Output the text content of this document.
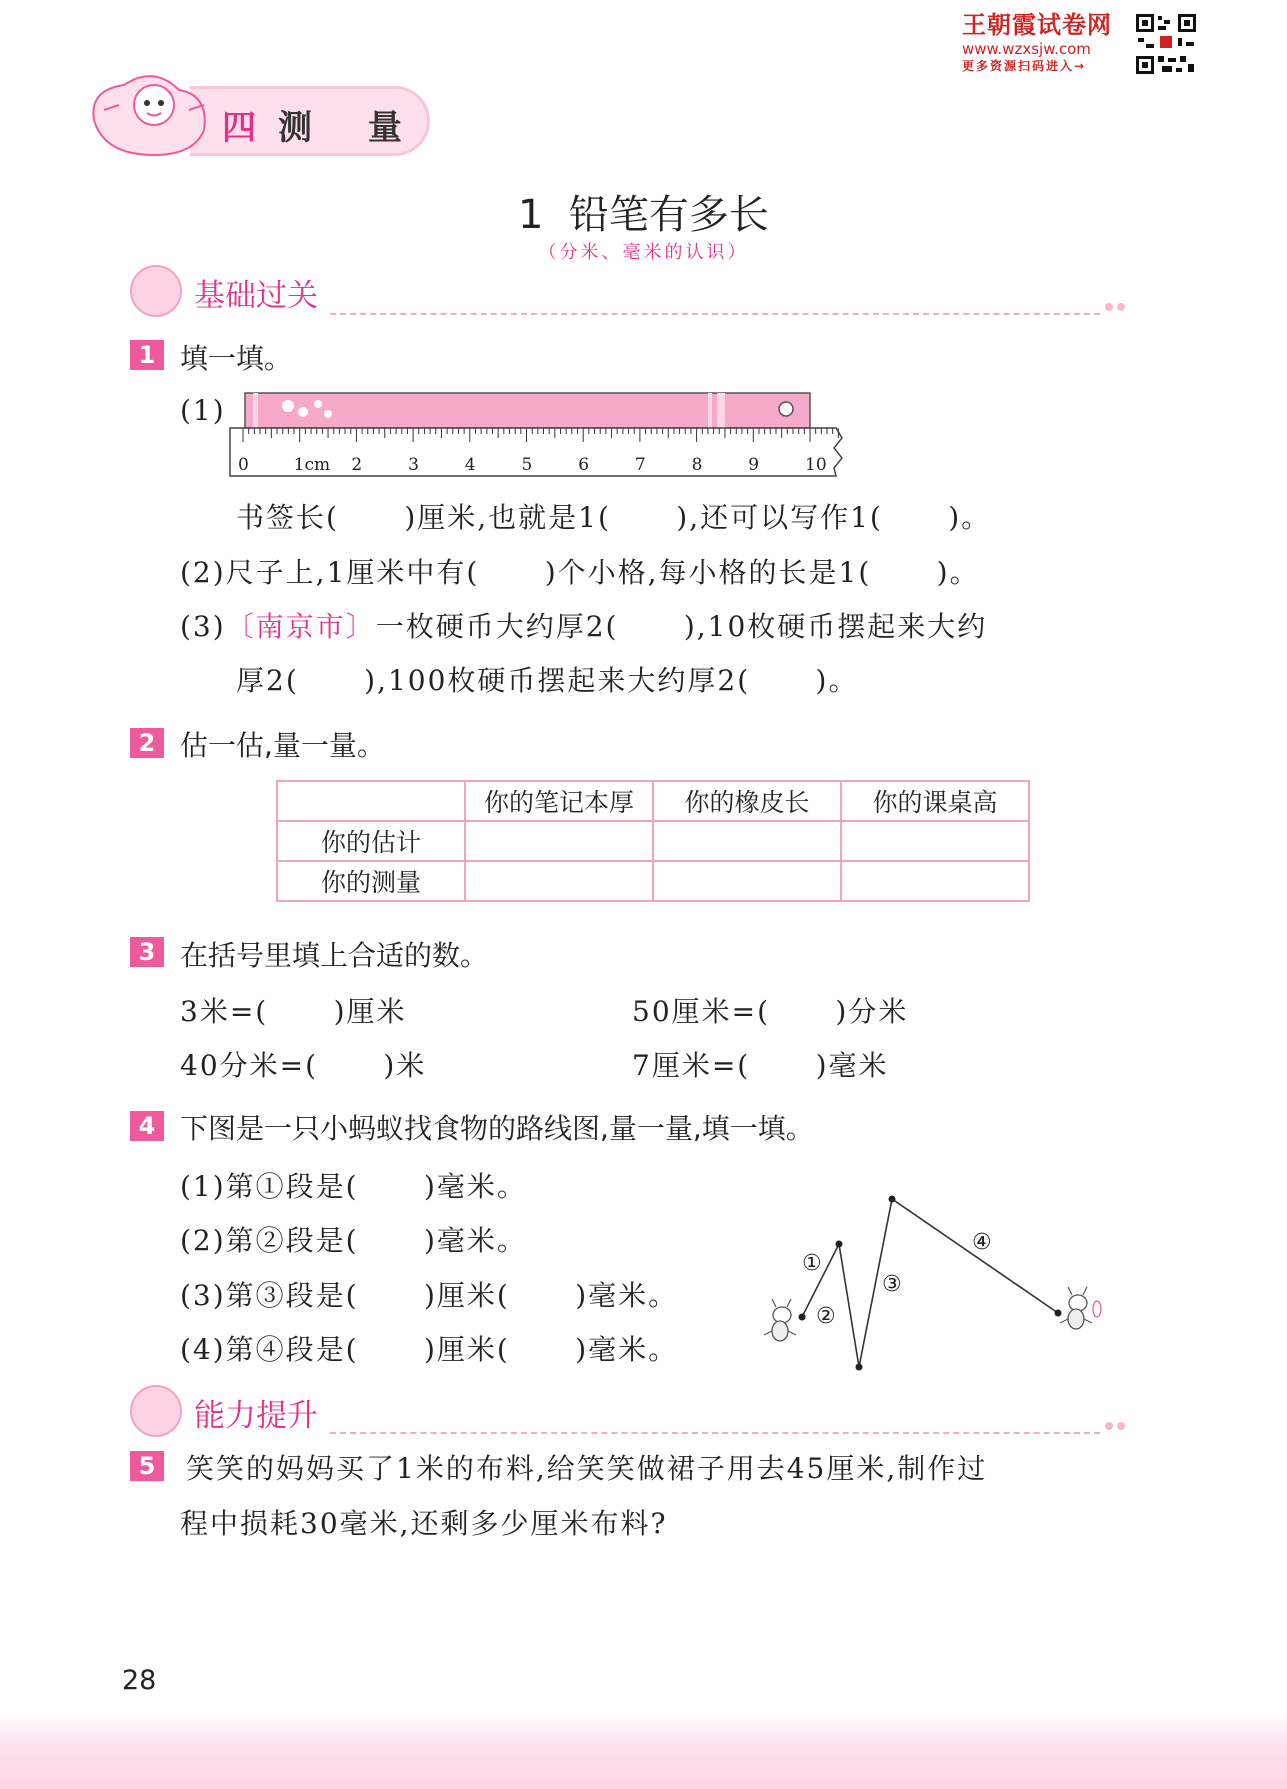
王朝霞试卷网
www.wzxsjw.com
更多资源扫码进入→
四测 量
1  铅笔有多长
（分米、毫米的认识）
基础过关
1 填一填。
(1)
0	1cm 2	3	4	5	6	7	8	9	10
书签长(      )厘米,也就是1(      ),还可以写作1(      )。
(2)尺子上,1厘米中有(      )个小格,每小格的长是1(      )。
(3)〔南京市〕一枚硬币大约厚2(      ),10枚硬币摆起来大约
厚2(      ),100枚硬币摆起来大约厚2(      )。
2 估一估,量一量。
	你的笔记本厚	你的橡皮长	你的课桌高
你的估计			
你的测量			
3 在括号里填上合适的数。
3米=(      )厘米	50厘米=(      )分米
40分米=(      )米	7厘米=(      )毫米
4 下图是一只小蚂蚁找食物的路线图,量一量,填一填。
(1)第①段是(      )毫米。
(2)第②段是(      )毫米。
(3)第③段是(      )厘米(      )毫米。
(4)第④段是(      )厘米(      )毫米。
①
②
③
④
能力提升
5	笑笑的妈妈买了1米的布料,给笑笑做裙子用去45厘米,制作过
程中损耗30毫米,还剩多少厘米布料?
28
